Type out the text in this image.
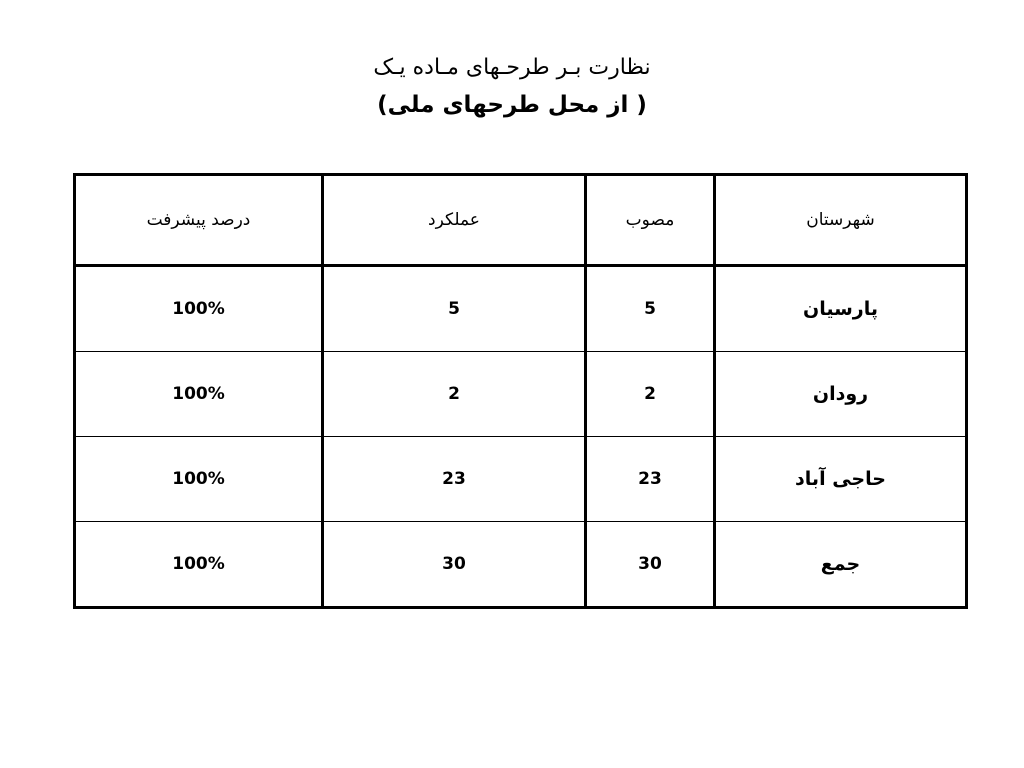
نظارت بـر طرحـهای مـاده یـک
( از محل طرحهای ملی)
درصد پیشرفت	عملکرد	مصوب	شهرستان
100%	5	5	پارسیان
100%	2	2	رودان
100%	23	23	حاجی آباد
100%	30	30	جمع
